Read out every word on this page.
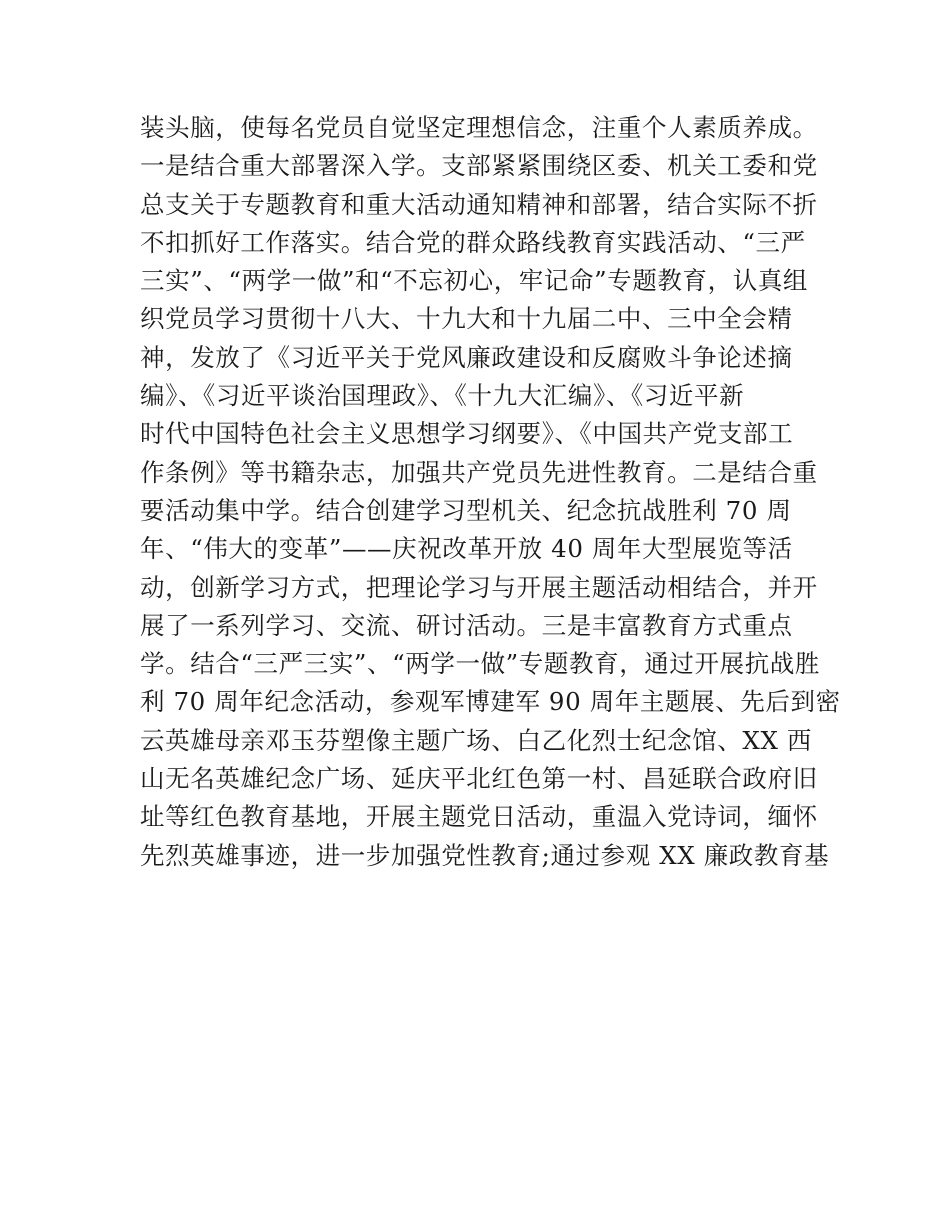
装头脑，使每名党员自觉坚定理想信念，注重个人素质养成。
一是结合重大部署深入学。支部紧紧围绕区委、机关工委和党
总支关于专题教育和重大活动通知精神和部署，结合实际不折
不扣抓好工作落实。结合党的群众路线教育实践活动、“三严
三实”、“两学一做”和“不忘初心，牢记命”专题教育，认真组
织党员学习贯彻十八大、十九大和十九届二中、三中全会精
神，发放了《习近平关于党风廉政建设和反腐败斗争论述摘
编》、《习近平谈治国理政》、《十九大汇编》、《习近平新
时代中国特色社会主义思想学习纲要》、《中国共产党支部工
作条例》等书籍杂志，加强共产党员先进性教育。二是结合重
要活动集中学。结合创建学习型机关、纪念抗战胜利 70 周
年、“伟大的变革”——庆祝改革开放 40 周年大型展览等活
动，创新学习方式，把理论学习与开展主题活动相结合，并开
展了一系列学习、交流、研讨活动。三是丰富教育方式重点
学。结合“三严三实”、“两学一做”专题教育，通过开展抗战胜
利 70 周年纪念活动，参观军博建军 90 周年主题展、先后到密
云英雄母亲邓玉芬塑像主题广场、白乙化烈士纪念馆、XX 西
山无名英雄纪念广场、延庆平北红色第一村、昌延联合政府旧
址等红色教育基地，开展主题党日活动，重温入党诗词，缅怀
先烈英雄事迹，进一步加强党性教育;通过参观 XX 廉政教育基
